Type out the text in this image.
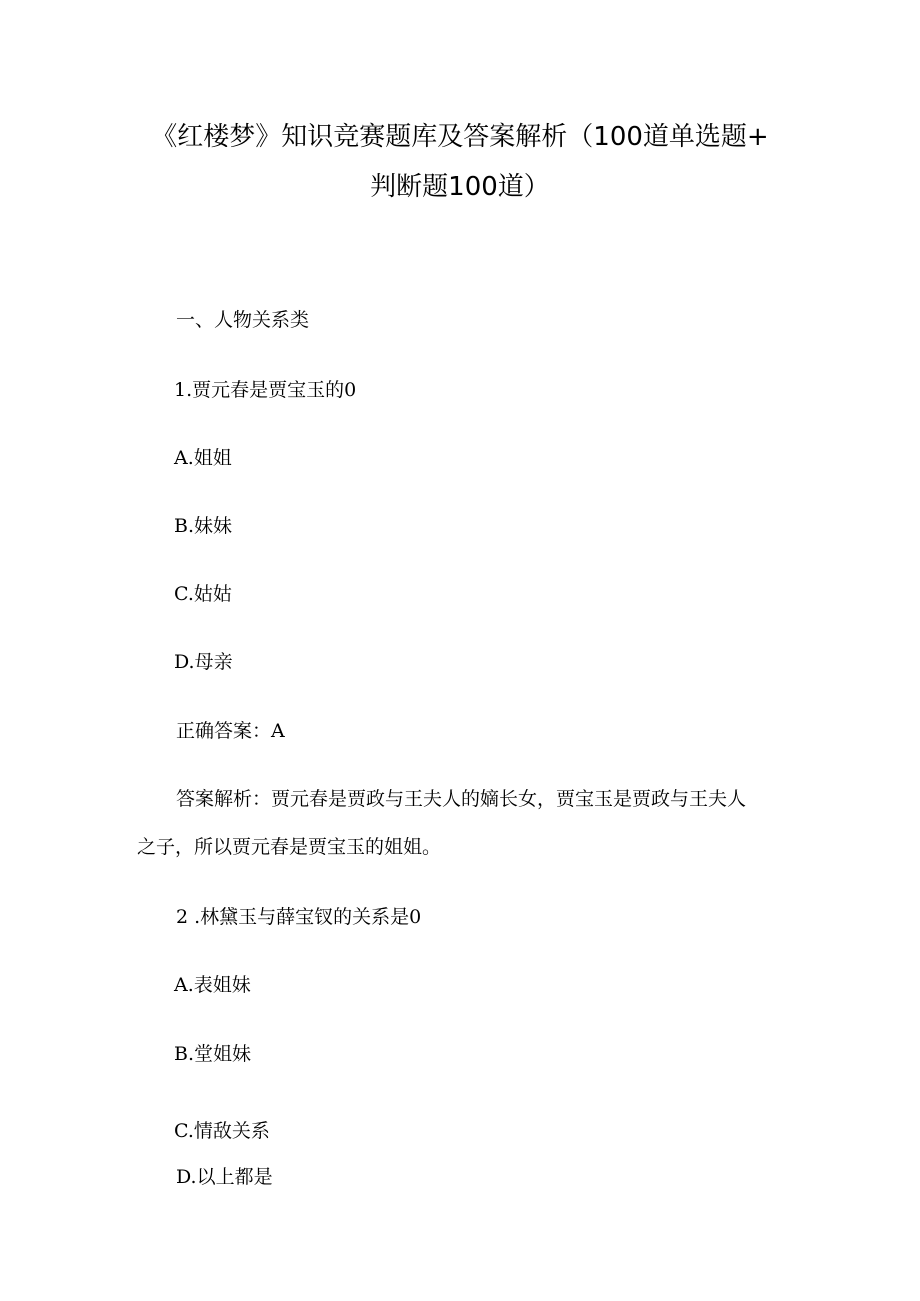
《红楼梦》知识竞赛题库及答案解析（100道单选题+
判断题100道）
一、人物关系类
1.贾元春是贾宝玉的0
A.姐姐
B.妹妹
C.姑姑
D.母亲
正确答案：A
答案解析：贾元春是贾政与王夫人的嫡长女，贾宝玉是贾政与王夫人
之子，所以贾元春是贾宝玉的姐姐。
2 .林黛玉与薛宝钗的关系是0
A.表姐妹
B.堂姐妹
C.情敌关系
D.以上都是
